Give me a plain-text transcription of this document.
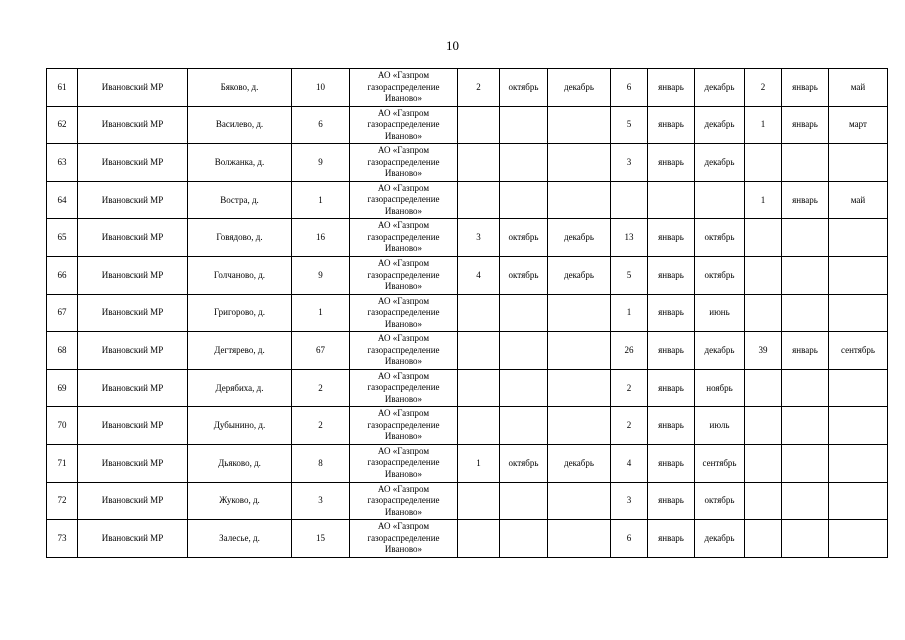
10
61	Ивановский МР	Бяково, д.	10	АО «Газпром газораспределение Иваново»	2	октябрь	декабрь	6	январь	декабрь	2	январь	май
62	Ивановский МР	Василево, д.	6	АО «Газпром газораспределение Иваново»				5	январь	декабрь	1	январь	март
63	Ивановский МР	Волжанка, д.	9	АО «Газпром газораспределение Иваново»				3	январь	декабрь			
64	Ивановский МР	Востра, д.	1	АО «Газпром газораспределение Иваново»							1	январь	май
65	Ивановский МР	Говядово, д.	16	АО «Газпром газораспределение Иваново»	3	октябрь	декабрь	13	январь	октябрь			
66	Ивановский МР	Голчаново, д.	9	АО «Газпром газораспределение Иваново»	4	октябрь	декабрь	5	январь	октябрь			
67	Ивановский МР	Григорово, д.	1	АО «Газпром газораспределение Иваново»				1	январь	июнь			
68	Ивановский МР	Дегтярево, д.	67	АО «Газпром газораспределение Иваново»				26	январь	декабрь	39	январь	сентябрь
69	Ивановский МР	Дерябиха, д.	2	АО «Газпром газораспределение Иваново»				2	январь	ноябрь			
70	Ивановский МР	Дубынино, д.	2	АО «Газпром газораспределение Иваново»				2	январь	июль			
71	Ивановский МР	Дьяково, д.	8	АО «Газпром газораспределение Иваново»	1	октябрь	декабрь	4	январь	сентябрь			
72	Ивановский МР	Жуково, д.	3	АО «Газпром газораспределение Иваново»				3	январь	октябрь			
73	Ивановский МР	Залесье, д.	15	АО «Газпром газораспределение Иваново»				6	январь	декабрь			
